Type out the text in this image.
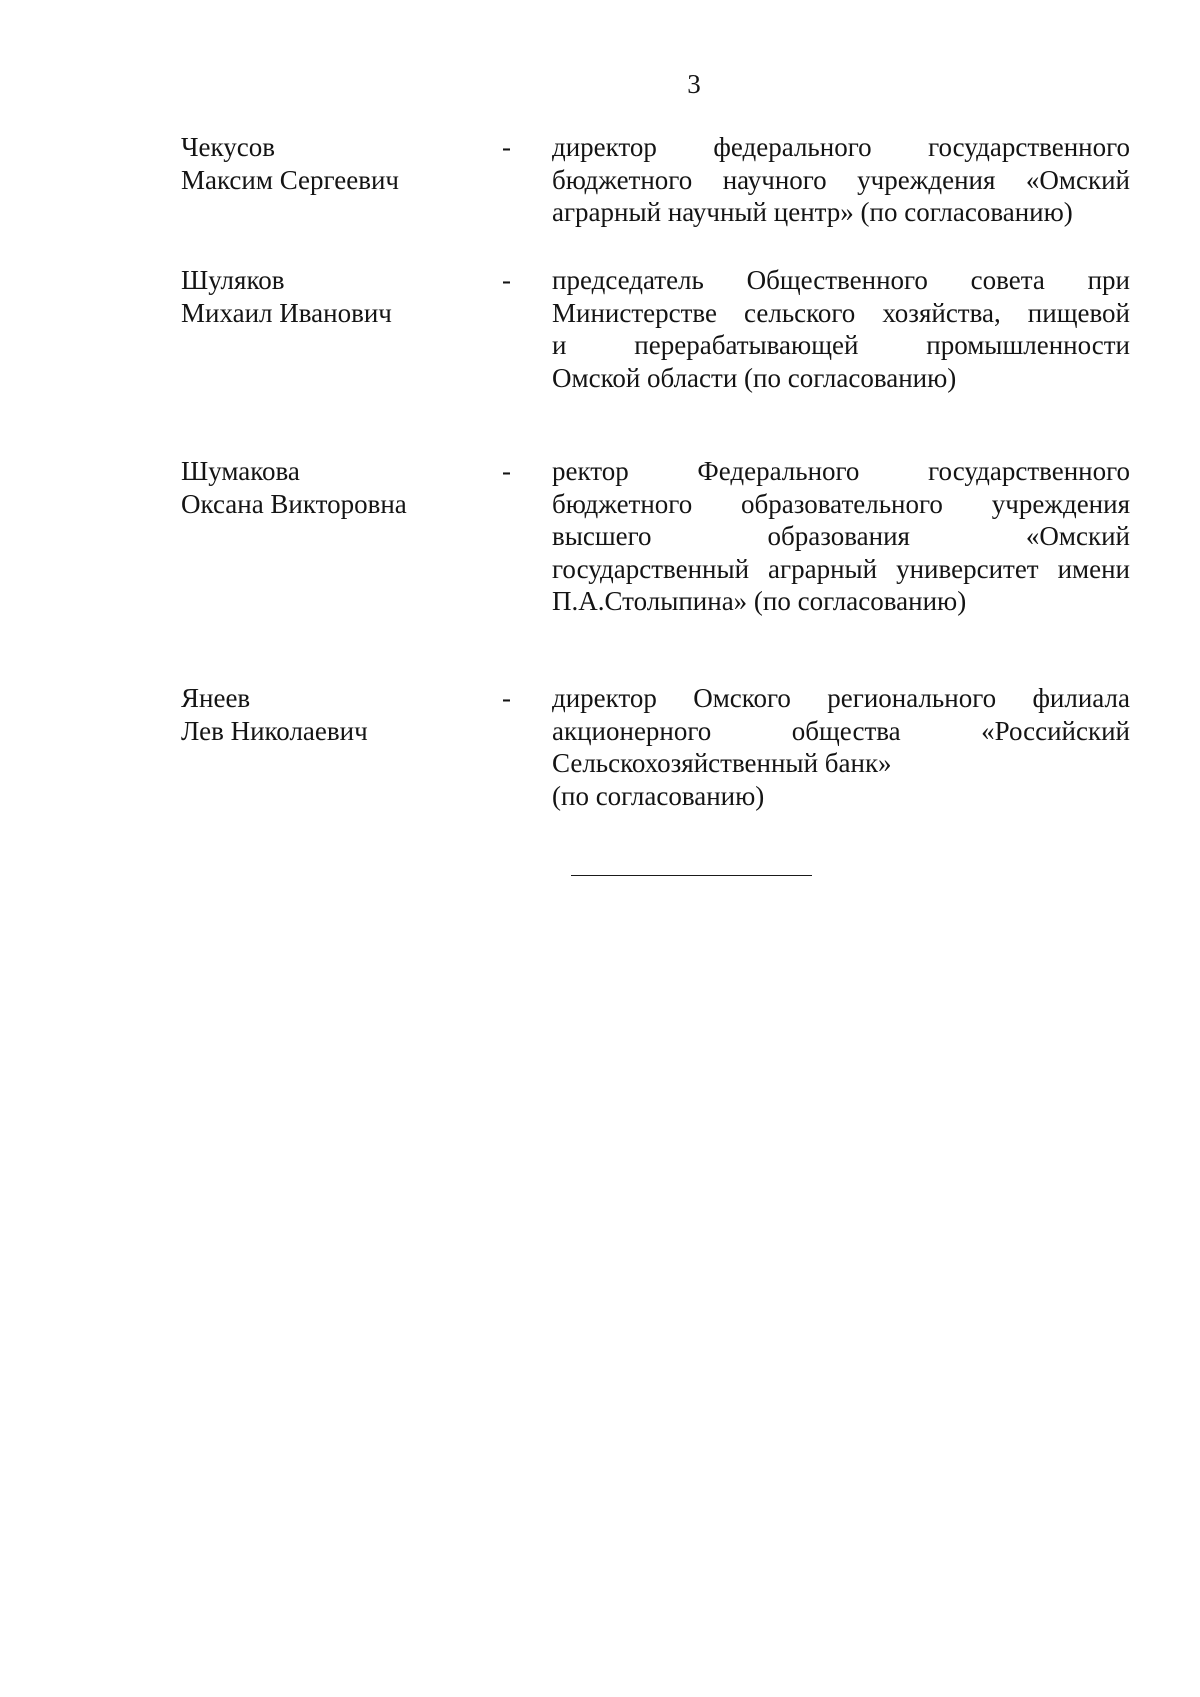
3
Чекусов
Максим Сергеевич
- директор федерального государственного
бюджетного научного учреждения «Омский
аграрный научный центр» (по согласованию)
Шуляков
Михаил Иванович
- председатель Общественного совета при
Министерстве сельского хозяйства, пищевой
и перерабатывающей промышленности
Омской области (по согласованию)
Шумакова
Оксана Викторовна
- ректор Федерального государственного
бюджетного образовательного учреждения
высшего образования «Омский
государственный аграрный университет имени
П.А.Столыпина» (по согласованию)
Янеев
Лев Николаевич
- директор Омского регионального филиала
акционерного общества «Российский
Сельскохозяйственный банк»
(по согласованию)
